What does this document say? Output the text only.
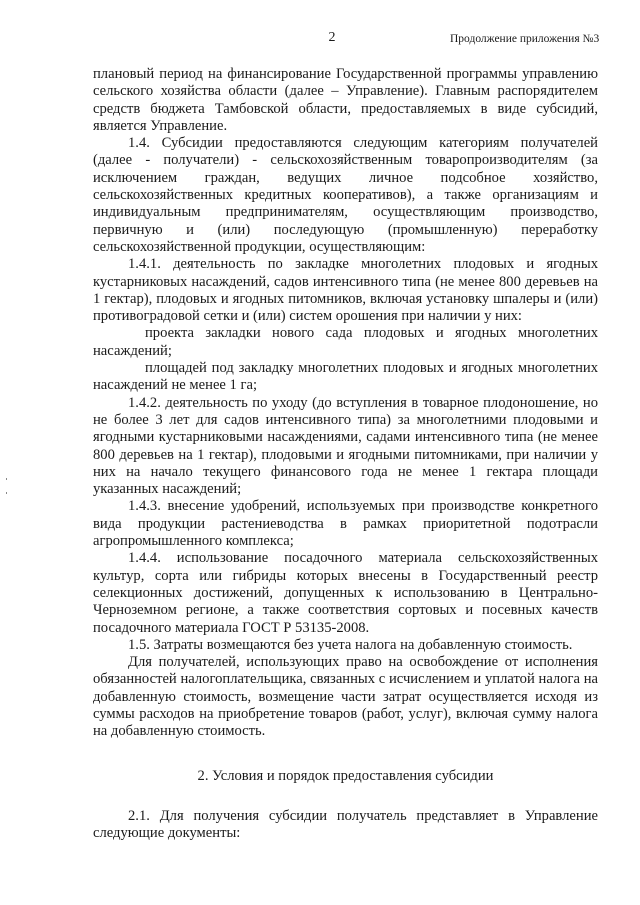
2	Продолжение приложения №3

плановый период на финансирование Государственной программы управлению сельского хозяйства области (далее – Управление). Главным распорядителем средств бюджета Тамбовской области, предоставляемых в виде субсидий, является Управление.

1.4. Субсидии предоставляются следующим категориям получателей (далее - получатели) - сельскохозяйственным товаропроизводителям (за исключением граждан, ведущих личное подсобное хозяйство, сельскохозяйственных кредитных кооперативов), а также организациям и индивидуальным предпринимателям, осуществляющим производство, первичную и (или) последующую (промышленную) переработку сельскохозяйственной продукции, осуществляющим:

1.4.1. деятельность по закладке многолетних плодовых и ягодных кустарниковых насаждений, садов интенсивного типа (не менее 800 деревьев на 1 гектар), плодовых и ягодных питомников, включая установку шпалеры и (или) противоградовой сетки и (или) систем орошения при наличии у них:

проекта закладки нового сада плодовых и ягодных многолетних насаждений;

площадей под закладку многолетних плодовых и ягодных многолетних насаждений не менее 1 га;

1.4.2. деятельность по уходу (до вступления в товарное плодоношение, но не более 3 лет для садов интенсивного типа) за многолетними плодовыми и ягодными кустарниковыми насаждениями, садами интенсивного типа (не менее 800 деревьев на 1 гектар), плодовыми и ягодными питомниками, при наличии у них на начало текущего финансового года не менее 1 гектара площади указанных насаждений;

1.4.3. внесение удобрений, используемых при производстве конкретного вида продукции растениеводства в рамках приоритетной подотрасли агропромышленного комплекса;

1.4.4. использование посадочного материала сельскохозяйственных культур, сорта или гибриды которых внесены в Государственный реестр селекционных достижений, допущенных к использованию в Центрально-Черноземном регионе, а также соответствия сортовых и посевных качеств посадочного материала ГОСТ Р 53135-2008.

1.5. Затраты возмещаются без учета налога на добавленную стоимость.

Для получателей, использующих право на освобождение от исполнения обязанностей налогоплательщика, связанных с исчислением и уплатой налога на добавленную стоимость, возмещение части затрат осуществляется исходя из суммы расходов на приобретение товаров (работ, услуг), включая сумму налога на добавленную стоимость.

2. Условия и порядок предоставления субсидии

2.1. Для получения субсидии получатель представляет в Управление следующие документы:
